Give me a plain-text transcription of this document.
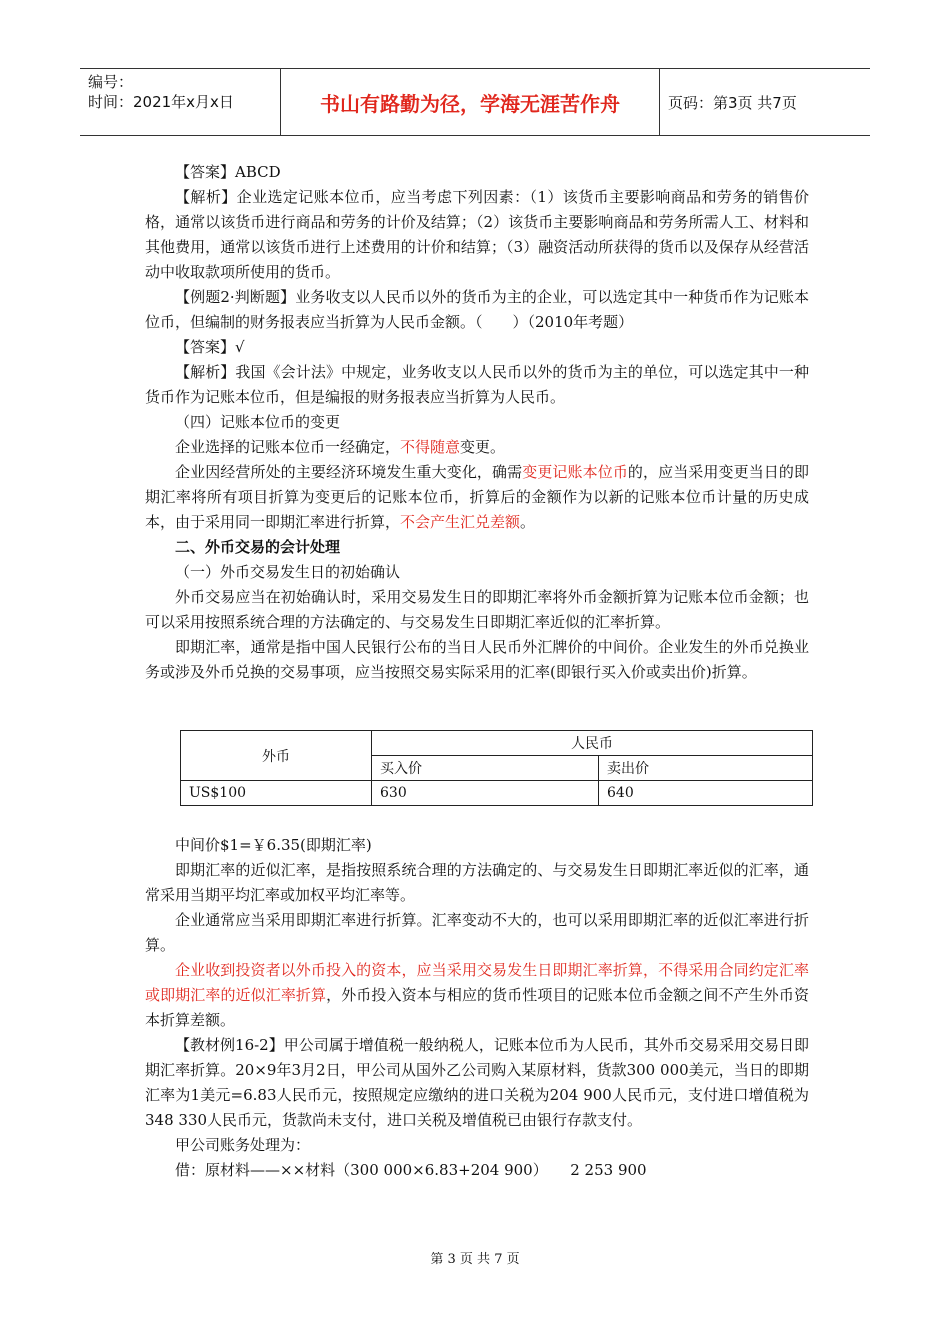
编号：
时间：2021年x月x日	书山有路勤为径，学海无涯苦作舟	页码：第3页 共7页

【答案】ABCD

【解析】企业选定记账本位币，应当考虑下列因素：（1）该货币主要影响商品和劳务的销售价格，通常以该货币进行商品和劳务的计价及结算；（2）该货币主要影响商品和劳务所需人工、材料和其他费用，通常以该货币进行上述费用的计价和结算；（3）融资活动所获得的货币以及保存从经营活动中收取款项所使用的货币。

【例题2·判断题】业务收支以人民币以外的货币为主的企业，可以选定其中一种货币作为记账本位币，但编制的财务报表应当折算为人民币金额。（　　）（2010年考题）

【答案】√

【解析】我国《会计法》中规定，业务收支以人民币以外的货币为主的单位，可以选定其中一种货币作为记账本位币，但是编报的财务报表应当折算为人民币。

（四）记账本位币的变更

企业选择的记账本位币一经确定，不得随意变更。

企业因经营所处的主要经济环境发生重大变化，确需变更记账本位币的，应当采用变更当日的即期汇率将所有项目折算为变更后的记账本位币，折算后的金额作为以新的记账本位币计量的历史成本，由于采用同一即期汇率进行折算，不会产生汇兑差额。

二、外币交易的会计处理

（一）外币交易发生日的初始确认

外币交易应当在初始确认时，采用交易发生日的即期汇率将外币金额折算为记账本位币金额；也可以采用按照系统合理的方法确定的、与交易发生日即期汇率近似的汇率折算。

即期汇率，通常是指中国人民银行公布的当日人民币外汇牌价的中间价。企业发生的外币兑换业务或涉及外币兑换的交易事项，应当按照交易实际采用的汇率(即银行买入价或卖出价)折算。

外币	人民币	
	买入价	卖出价
US$100	630	640

中间价$1=￥6.35(即期汇率)

即期汇率的近似汇率，是指按照系统合理的方法确定的、与交易发生日即期汇率近似的汇率，通常采用当期平均汇率或加权平均汇率等。

企业通常应当采用即期汇率进行折算。汇率变动不大的，也可以采用即期汇率的近似汇率进行折算。

企业收到投资者以外币投入的资本，应当采用交易发生日即期汇率折算，不得采用合同约定汇率或即期汇率的近似汇率折算，外币投入资本与相应的货币性项目的记账本位币金额之间不产生外币资本折算差额。

【教材例16-2】甲公司属于增值税一般纳税人，记账本位币为人民币，其外币交易采用交易日即期汇率折算。20×9年3月2日，甲公司从国外乙公司购入某原材料，货款300 000美元，当日的即期汇率为1美元=6.83人民币元，按照规定应缴纳的进口关税为204 900人民币元，支付进口增值税为348 330人民币元，货款尚未支付，进口关税及增值税已由银行存款支付。

甲公司账务处理为：

借：原材料——××材料（300 000×6.83+204 900）　　2 253 900

第 3 页 共 7 页
